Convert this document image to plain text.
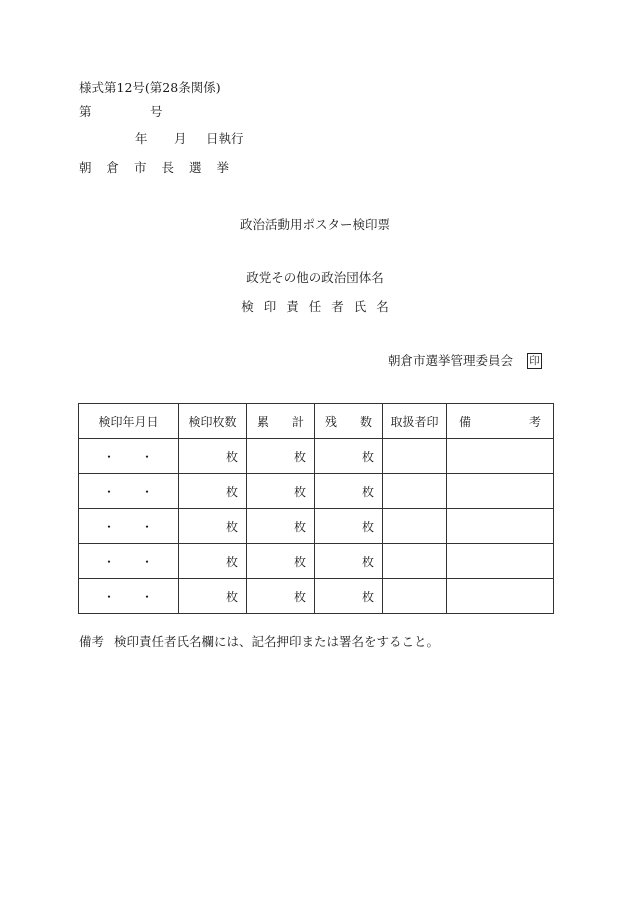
様式第12号(第28条関係)
第	号
年 月 日執行
朝倉市長選挙
政治活動用ポスター検印票
政党その他の政治団体名
検印責任者氏名
朝倉市選挙管理委員会 印
検印年月日	検印枚数	累 計	残 数	取扱者印	備 考

・・	枚	枚	枚		
・・	枚	枚	枚		
・・	枚	枚	枚		
・・	枚	枚	枚		
・・	枚	枚	枚		
備考 検印責任者氏名欄には、記名押印または署名をすること。
